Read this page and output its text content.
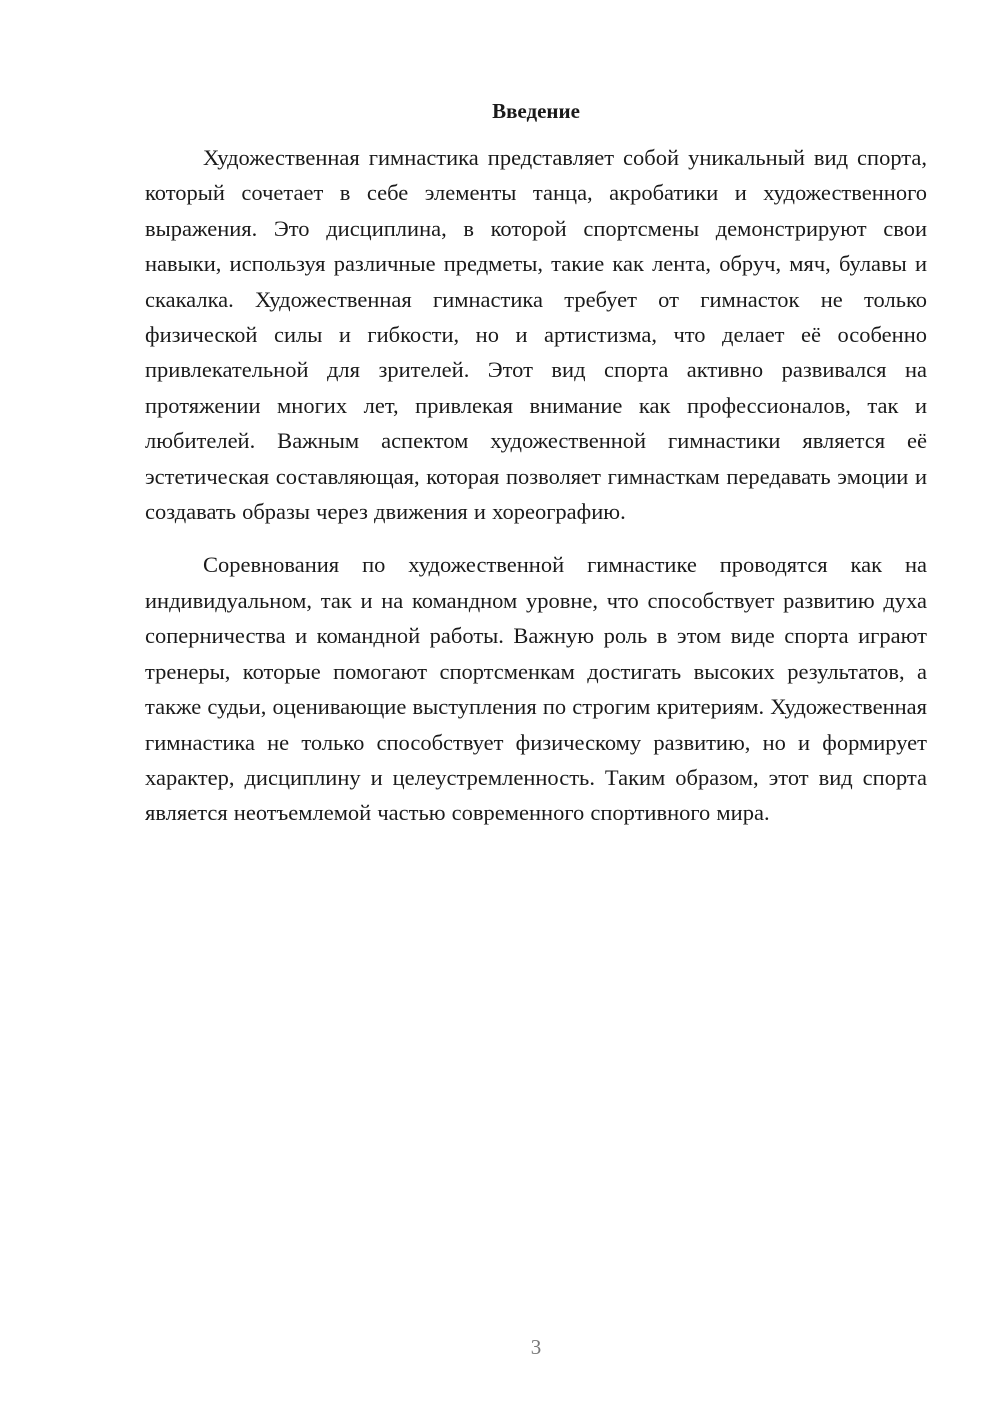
Введение

Художественная гимнастика представляет собой уникальный вид спорта, который сочетает в себе элементы танца, акробатики и художественного выражения. Это дисциплина, в которой спортсмены демонстрируют свои навыки, используя различные предметы, такие как лента, обруч, мяч, булавы и скакалка. Художественная гимнастика требует от гимнасток не только физической силы и гибкости, но и артистизма, что делает её особенно привлекательной для зрителей. Этот вид спорта активно развивался на протяжении многих лет, привлекая внимание как профессионалов, так и любителей. Важным аспектом художественной гимнастики является её эстетическая составляющая, которая позволяет гимнасткам передавать эмоции и создавать образы через движения и хореографию.

Соревнования по художественной гимнастике проводятся как на индивидуальном, так и на командном уровне, что способствует развитию духа соперничества и командной работы. Важную роль в этом виде спорта играют тренеры, которые помогают спортсменкам достигать высоких результатов, а также судьи, оценивающие выступления по строгим критериям. Художественная гимнастика не только способствует физическому развитию, но и формирует характер, дисциплину и целеустремленность. Таким образом, этот вид спорта является неотъемлемой частью современного спортивного мира.

3
